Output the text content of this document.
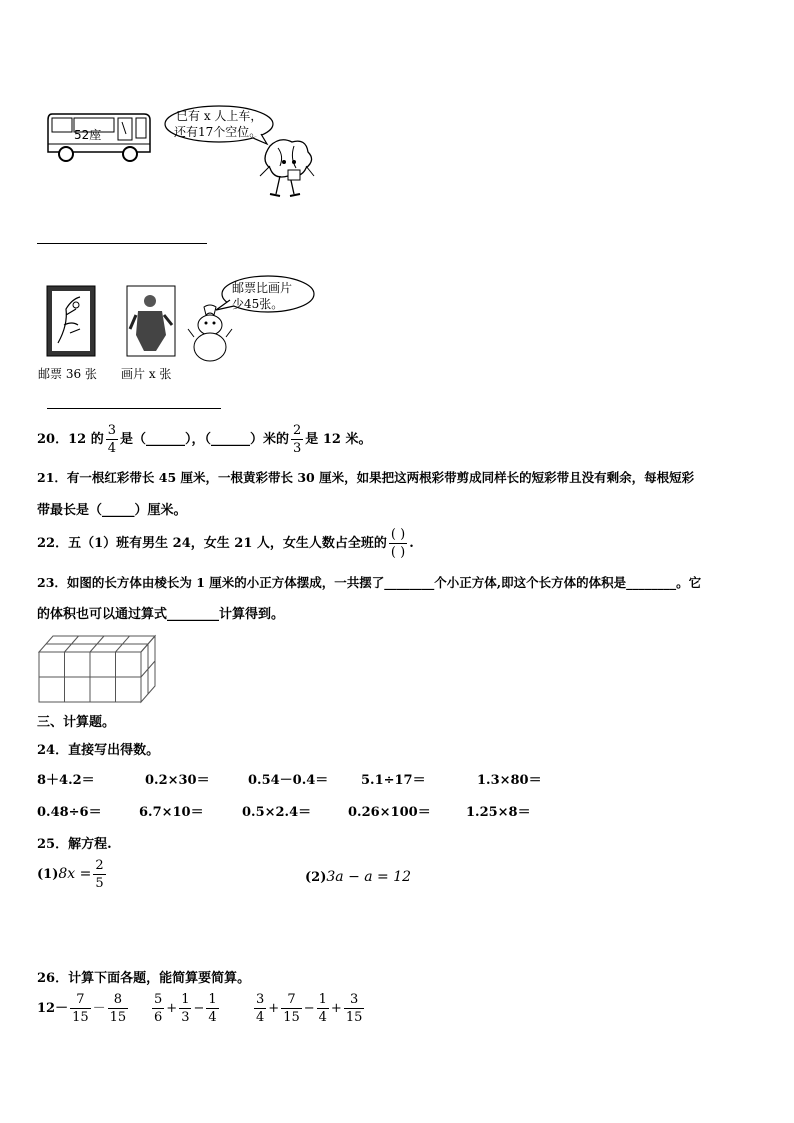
52座
已有 x 人上车，
还有17个空位。
邮票比画片
少45张。
邮票 36 张 画片 x 张
20．12 的 $\frac{3}{4}$ 是（______），（______）米的 $\frac{2}{3}$ 是 12 米。
21．有一根红彩带长 45 厘米，一根黄彩带长 30 厘米，如果把这两根彩带剪成同样长的短彩带且没有剩余，每根短彩
带最长是（_____）厘米。
22．五（1）班有男生 24，女生 21 人，女生人数占全班的 $\frac{( )}{( )}$ .
23．如图的长方体由棱长为 1 厘米的小正方体摆成，一共摆了________个小正方体,即这个长方体的体积是________。它
的体积也可以通过算式________计算得到。
三、计算题。
24．直接写出得数。
8＋4.2＝	0.2×30＝	0.54－0.4＝	5.1÷17＝	1.3×80＝
0.48÷6＝	6.7×10＝	0.5×2.4＝	0.26×100＝	1.25×8＝
25．解方程.
$(1)8x = \frac{2}{5}$	(2)3a − a = 12
26．计算下面各题，能简算要简算。
$12- \frac{7}{15} - \frac{8}{15} \frac{5}{6} + \frac{1}{3} - \frac{1}{4}$	$\frac{3}{4} + \frac{7}{15} - \frac{1}{4} + \frac{3}{15}$
